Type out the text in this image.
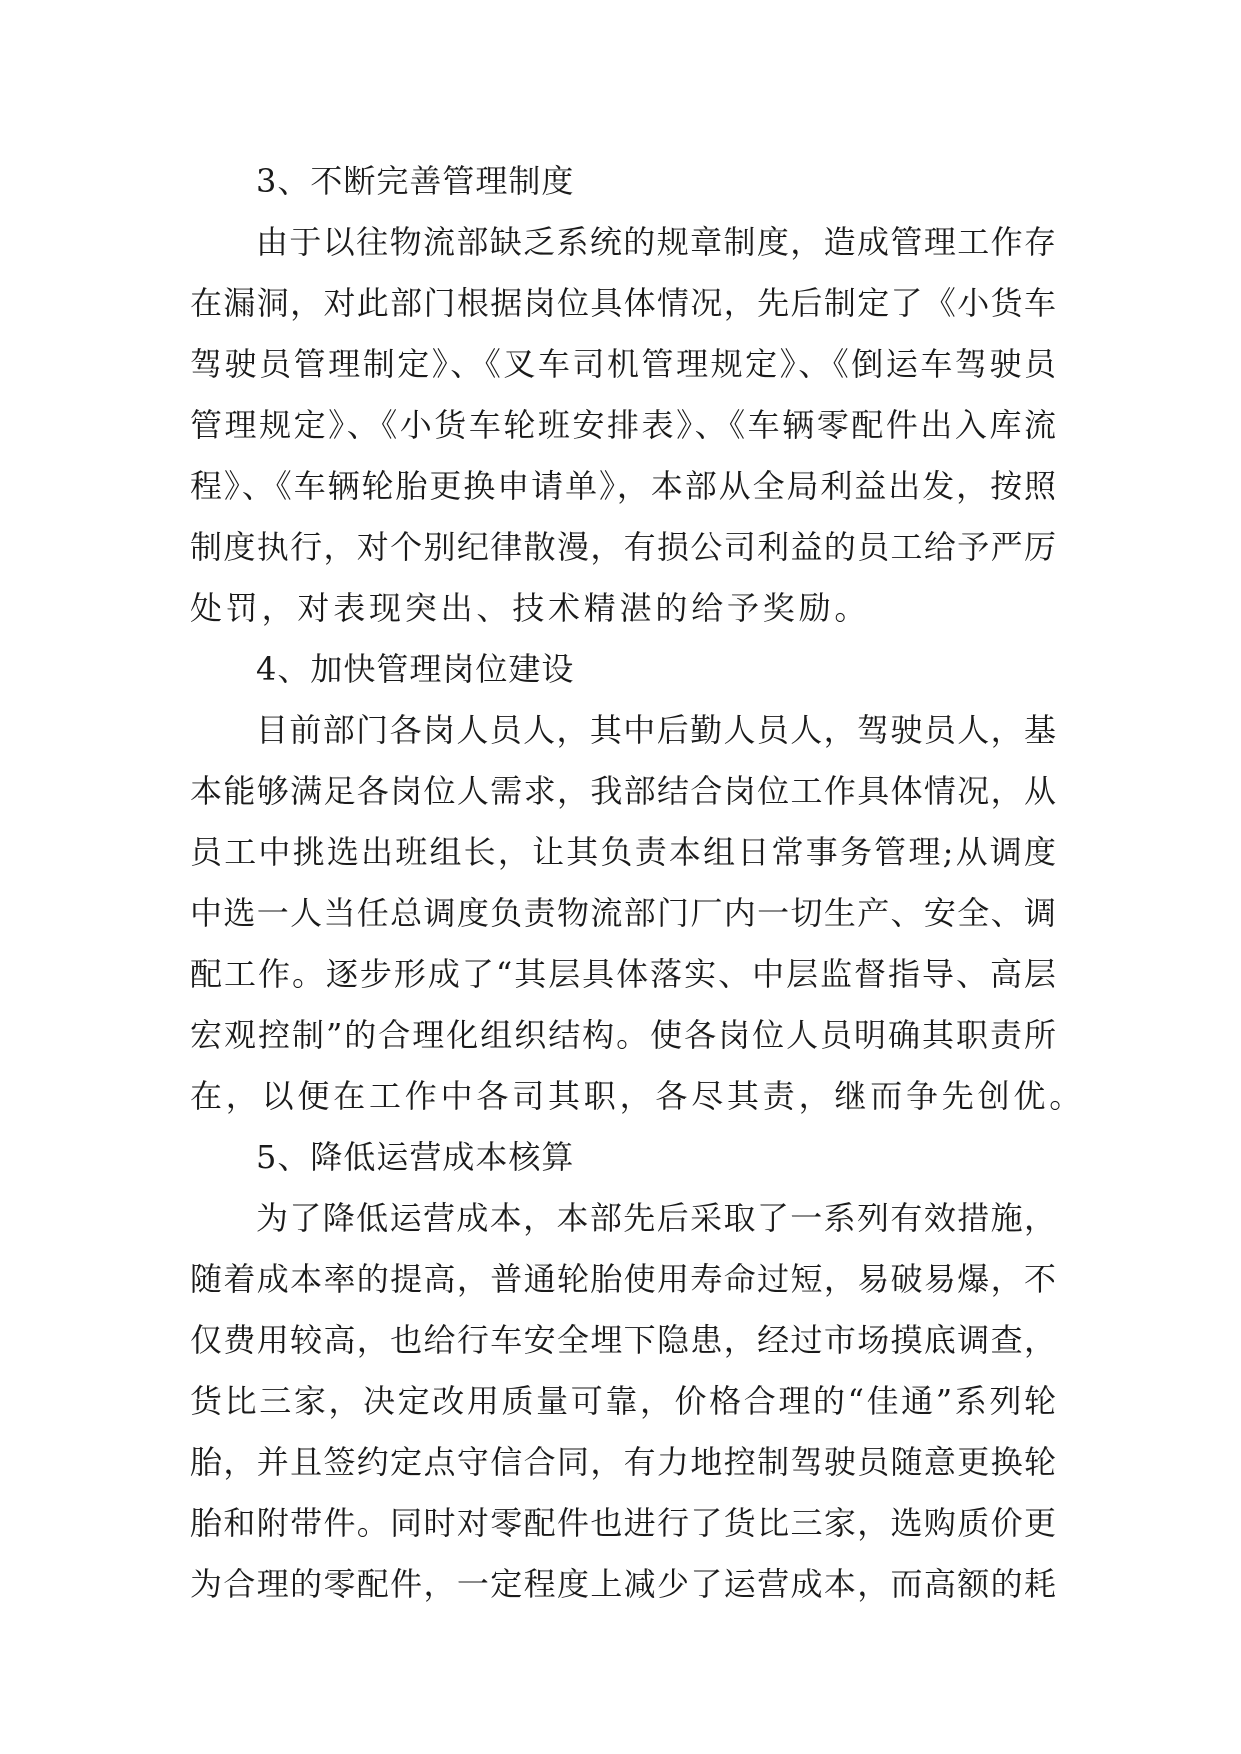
3、不断完善管理制度
由于以往物流部缺乏系统的规章制度，造成管理工作存
在漏洞，对此部门根据岗位具体情况，先后制定了《小货车
驾驶员管理制定》、《叉车司机管理规定》、《倒运车驾驶员
管理规定》、《小货车轮班安排表》、《车辆零配件出入库流
程》、《车辆轮胎更换申请单》，本部从全局利益出发，按照
制度执行，对个别纪律散漫，有损公司利益的员工给予严厉
处罚，对表现突出、技术精湛的给予奖励。
4、加快管理岗位建设
目前部门各岗人员人，其中后勤人员人，驾驶员人，基
本能够满足各岗位人需求，我部结合岗位工作具体情况，从
员工中挑选出班组长，让其负责本组日常事务管理;从调度
中选一人当任总调度负责物流部门厂内一切生产、安全、调
配工作。逐步形成了“其层具体落实、中层监督指导、高层
宏观控制”的合理化组织结构。使各岗位人员明确其职责所
在，以便在工作中各司其职，各尽其责，继而争先创优。
5、降低运营成本核算
为了降低运营成本，本部先后采取了一系列有效措施，
随着成本率的提高，普通轮胎使用寿命过短，易破易爆，不
仅费用较高，也给行车安全埋下隐患，经过市场摸底调查，
货比三家，决定改用质量可靠，价格合理的“佳通”系列轮
胎，并且签约定点守信合同，有力地控制驾驶员随意更换轮
胎和附带件。同时对零配件也进行了货比三家，选购质价更
为合理的零配件，一定程度上减少了运营成本，而高额的耗
